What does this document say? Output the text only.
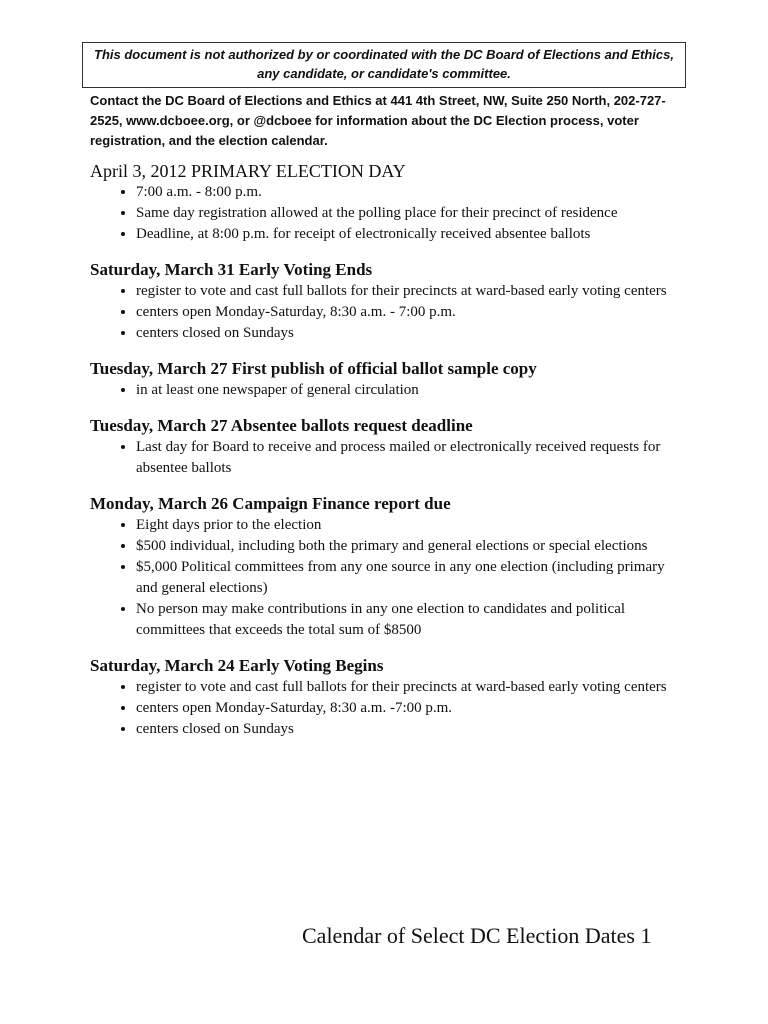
This document is not authorized by or coordinated with the DC Board of Elections and Ethics,
any candidate, or candidate's committee.
Contact the DC Board of Elections and Ethics at 441 4th Street, NW, Suite 250 North, 202-727-2525, www.dcboee.org, or @dcboee for information about the DC Election process, voter registration, and the election calendar.
April 3, 2012 PRIMARY ELECTION DAY
• 7:00 a.m. - 8:00 p.m.
• Same day registration allowed at the polling place for their precinct of residence
• Deadline, at 8:00 p.m. for receipt of electronically received absentee ballots
Saturday, March 31 Early Voting Ends
• register to vote and cast full ballots for their precincts at ward-based early voting centers
• centers open Monday-Saturday, 8:30 a.m. - 7:00 p.m.
• centers closed on Sundays
Tuesday, March 27 First publish of official ballot sample copy
• in at least one newspaper of general circulation
Tuesday, March 27 Absentee ballots request deadline
• Last day for Board to receive and process mailed or electronically received requests for absentee ballots
Monday, March 26 Campaign Finance report due
• Eight days prior to the election
• $500 individual, including both the primary and general elections or special elections
• $5,000 Political committees from any one source in any one election (including primary and general elections)
• No person may make contributions in any one election to candidates and political committees that exceeds the total sum of $8500
Saturday, March 24 Early Voting Begins
• register to vote and cast full ballots for their precincts at ward-based early voting centers
• centers open Monday-Saturday, 8:30 a.m. -7:00 p.m.
• centers closed on Sundays
Calendar of Select DC Election Dates 1
